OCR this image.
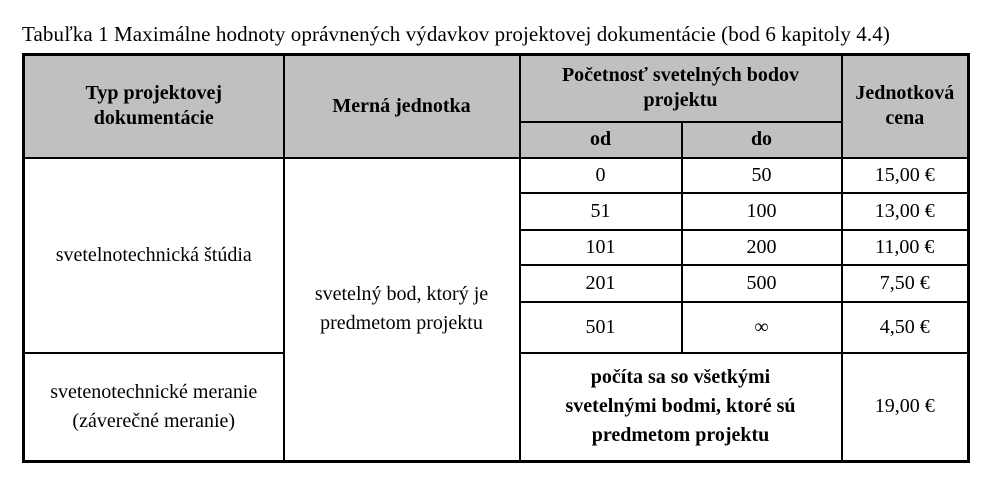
Tabuľka 1 Maximálne hodnoty oprávnených výdavkov projektovej dokumentácie (bod 6 kapitoly 4.4)
Typ projektovej dokumentácie	Merná jednotka	Početnosť svetelných bodov projektu		Jednotková cena
		od	do	
svetelnotechnická štúdia	svetelný bod, ktorý je predmetom projektu	0	50	15,00 €
		51	100	13,00 €
		101	200	11,00 €
		201	500	7,50 €
		501	∞	4,50 €
svetenotechnické meranie (záverečné meranie)		počíta sa so všetkými svetelnými bodmi, ktoré sú predmetom projektu		19,00 €
